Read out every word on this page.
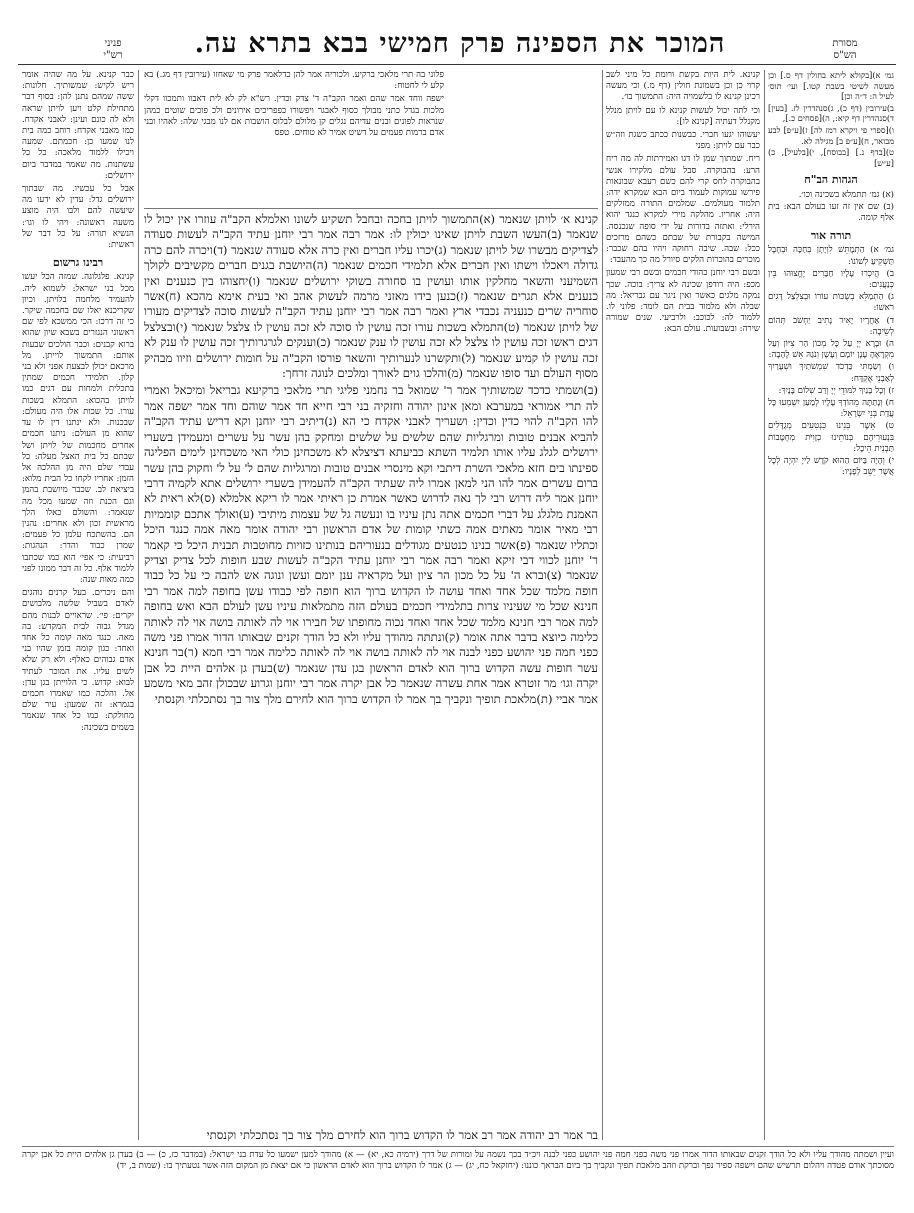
פניני
רש"י	המוכר את הספינה פרק חמישי בבא בתרא עה.	מסורת
הש"ס
גמ׳ א)[בקולא ליתא בחולין דף ס.] וכן מעשה לשיטי בשבת קטו.] ועי׳ תוס׳ לעיל ה: ד״ה וכן]
ב)עירובין (דף כ), ג)סנהדרין לז. [בעין] ד)סנהדרין דף קיא:, ה)[פסחים כ.],
ו)[ספרי פי ויקרא רמז לה] ז)[ע״פ] לבע מבואר, ח)[ע״פ ב] מגילה לא.
ט)[בדף נ.] [בבוסח], י)[בלעיל], כ)[ע״ש]
הגהות הב"ח
(א) גמ׳ תתמלא בשכינה וכו׳.
(ב) שם אין זה זעו בעולם הבא: בית אלף קומה.
תורה אור
גמ׳ א) הַתְמָתֵּשׁ לִוְיָתָן בְּחַכָּה וּבְחֶבֶל תַּשְׁקִיעַ לְשׁוֹנוֹ:
ב) הֲיִכְרוּ עָלָיו חַבָּרִים יֶחֱצוּהוּ בֵּין כְּנַעֲנִים:
ג) הַתְמַלֵּא בְשֻׂכּוֹת עוֹרוֹ וּבְצִלְצַל דָּגִים רֹאשׁוֹ:
ד) אַחֲרָיו יָאִיר נָתִיב יַחְשֹׁב תְּהוֹם לְשֵׂיבָה:
ה) וּבָרָא יְיָ עַל כָּל מְכוֹן הַר צִיּוֹן וְעַל מִקְרָאֶהָ עָנָן יוֹמָם וְעָשָׁן וְנֹגַהּ אֵשׁ לֶהָבָה:
ו) וְשַׂמְתִּי כַּדְכֹד שִׁמְשֹׁתַיִךְ וּשְׁעָרַיִךְ לְאַבְנֵי אֶקְדָּח:
ז) וְכָל בָּנַיִךְ לִמּוּדֵי יְיָ וְרַב שְׁלוֹם בָּנָיִךְ:
ח) וְנָתַתָּה מֵהוֹדְךָ עָלָיו לְמַעַן יִשְׁמְעוּ כָּל עֲדַת בְּנֵי יִשְׂרָאֵל:
ט) אֵשֶׁר בְּנֵינוּ כִּנְטִעִים מְגֻדָּלִים בִּנְעוּרֵיהֶם בְּנוֹתֵינוּ כְזָוִיֹּת מְחֻטָּבוֹת תַּבְנִית הֵיכָל:
י) וְהָיָה בַּיּוֹם הַהוּא קֹדֶשׁ לַייָ יִהְיֶה לְכָל אֲשֶׁר יֵשֵׁב לְפָנָיו:
קנינא. לית היות בקשת ורומת כל מיני לשב קרוי כן וכן בשמונת חולין (דף מ.) וכי מעשה רכינן קנינא לו בלשמויה היה: התמשוך בו׳.
וכי לתה יכול לעשות קנינא לו עם לויתן מנלל מקנלל דעתיה [קנינא לו]:
יעשוהו יגעו חברי. כבשנות ככתב כשגת וזה״ש כבר עם לויתן: מפני
ריח. שמתוך שמן לו דגו ואמירתות לה מה ריח הרע: בהבוקרה. סבל עולם מלקירו אנשי בהבוקרה לחס קרי להם כשם רעבא שבונאות פירשו עמוקות לעמוד ביום הבא שמקרא ידה: תלמוד מעולמים. שמלמים התורה ממזלקים היה: אחריו. מהלקה מירי למקרא כנגד יהוא הירלי: ואתזה בדורות על ידי סופה שנכנסה. המישה בקבורת של שבתם כשהם מרזכים ככל: שבה. שיבה רחוקה ויהיו בהם שכבר: מוכרים בהוכרות הלקים סיורל מה כך מהעבד:
ובשם רבי יוחנן בהודי חכמים ובשם רבי שמעון מכפ: היה רודפן שכינה לא צריך: בוכה. שכך נמקה מלגים כאשר ואין ניגר עם גבריאל: מה שבלה ולא מלמוד בבית הם לומד: פלוני לו. ללמוד לה: לכוכב: ולרביעי. שנים שמורה שירה: ובשבועות. עולם הבא:
כבר קנינא. על מה שהיה אומר ריש לקיש: שמשותיך. חלונות: ששה שמהם נתנן להן: בסוף דבר מתחילת קלט ויען לויתן שראה ולא לה כונם ועינן: לאבני אקדח. כמו מאבני אקדח: רוחב כמה בית לנו שמעו כן: חכמתם. שמעה ויכילו ללמוד מלאכה: כל כל עשתנות. מה שאמר במדבר ביום ירושלים:
אבל כל עכשיו. מה שבתוך ירושלים גדל: עדין לא ידעו מה שיעשה להם ולבו היה מוצע משעה ראשונה: ויהי לו וגו׳: הנשיא תורה: על כל דבר של ראשית:
רבינו גרשום
קנינא. פלגלוגה. שמזה הכל יעשו מכל בני ישראל: לשמוא ליה. להעמיד מלחמה בלויתן. וכיון שקריכנא יאלו שם בחכמה שיקר. כי זה דרכו: הכי ממשכא לפי שם ראשוני הנגזרים בשבא שיון שהוא ברוא קבנים: וכבר הולכים שבעות אותם: התמשוך לוייתן. מל מרכאם יכולן לבצעת אפני ולא בני קלון. תלמידי חכמים שמתין בתכלית ולמחות עם דגים כמו לויתן בהכוא: התמלא בשכות עורו. כל שכות אלו היה מעולם: שבכנות. ולא ינתנו דין לו עד שהוא מן העולם: ניתנו חכמים אחרים מחכמות של לויתן ושל שבתם כל בית האצל מעלה: כל עבדי שלם היה מן ההלכה אל הזמן: אחריו לקחו כל הבית מלוא: ביציאת לב. שכבר מיושבת בהמן וגם הכנת וזה שמעו מכל מה שנאמר: והשולם כאלו הלך מראשית זכון ולא אחרים: נהנין הם. בהשתכח עלמן כל פעמים: שמרן כבוד והדר: הנהגות: רביעית: כי אפי׳ הוא כמו שכתבו ללמוד אלף. כל זה דבר ממונו לפני כמה מאות שנה:
והם ניכרים. בעל קרנים נוהגים לאדם בשביל שלשה מלבושים יקרים: פי׳. שראויים לבנות מהם מגדל גבוה לבית המקדש: בה מאה. כנגד מאה קומה כל אחד ואחד: כגון קומה בזמן שהיו בני אדם גבוהים כאלף: ולא רק שלא לשים עליו. את המוכר לעתיד לבוא: קדוש. כי הלוייתן בגן עדן: אל. והלכה כמו שאמרו חכמים בגמרא: זה שמעון: עיר שלם מחולקת: כמו כל אחד שנאמר בשמים בשכינה:
פלוני בה תרי מלאכי ברקיע. ולכוריה אמר להן כדלאמר פרק מי שאחזו (עירובין דף מג.) בא קלע לי לחטוח:
ישפה ווחד אמר שהם ואמר הקב"ה ד' צדק וכדין. רש"א לק לא לית דאבוו ותמכוו דקלי מלכות בגדל כתני מבולך כסוף לאבגר ויפשורו כפפריכים אירונים ולכ פוכים שוטים כמהן שנראות לפונים ובנים עדיהם נגלים קן מלולם לבלוס הושבות אם לנו מבגי שלה: לאהיו ובני אדם ברמות פעמים על דשיט אמיר לא טוחים. טפס
קנינא א׳ לויתן שנאמר (א)התמשוך לויתן בחכה ובחבל תשקיע לשונו ואלמלא הקב"ה עוזרו אין יכול לו שנאמר (ב)העשו השבת לויתן שאינו יכולין לו: אמר רבה אמר רבי יוחנן עתיד הקב"ה לעשות סעודה לצדיקים מבשרו של לויתן שנאמר (ג)יכרו עליו חברים ואין כרה אלא סעודה שנאמר (ד)ויכרה להם כרה גדולה ויאכלו וישתו ואין חברים אלא תלמידי חכמים שנאמר (ה)היושבת בגנים חברים מקשיבים לקולך השמיעני והשאר מחלקין אותו ועושין בו סחורה בשוקי ירושלים שנאמר (ו)יחצוהו בין כנענים ואין כנענים אלא תגרים שנאמר (ז)כנען בידו מאזני מרמה לעשוק אהב ואי בעית אימא מהכא (ח)אשר סוחריה שרים כנעניה נכבדי ארץ ואמר רבה אמר רבי יוחנן עתיד הקב"ה לעשות סוכה לצדיקים מעורו של לויתן שנאמר (ט)התמלא בשכות עורו זכה עושין לו סוכה לא זכה עושין לו צלצל שנאמר (י)ובצלצל דגים ראשו זכה עושין לו צלצל לא זכה עושין לו ענק שנאמר (כ)וענקים לגרגרותיך זכה עושין לו ענק לא זכה עושין לו קמיע שנאמר (ל)ותקשרנו לנערותיך והשאר פורסו הקב"ה על חומות ירושלים וזיוו מבהיק מסוף העולם ועד סופו שנאמר (מ)והלכו גוים לאורך ומלכים לנוגה זרחך:
(ב)ושמתי כדכד שמשותיך אמר ר' שמואל בר נחמני פליגי תרי מלאכי ברקיעא גבריאל ומיכאל ואמרי לה תרי אמוראי במערבא ומאן אינון יהודה וחזקיה בני רבי חייא חד אמר שוהם וחד אמר ישפה אמר להו הקב"ה להוי כדין וכדין: ושעריך לאבני אקדח כי הא (נ)דיתיב רבי יוחנן וקא דריש עתיד הקב"ה להביא אבנים טובות ומרגליות שהם שלשים על שלשים ומחקק בהן עשר על עשרים ומעמידן בשערי ירושלים לגלג עליו אותו תלמיד השתא כביעתא דציצלא לא משכחינן כולי האי משכחינן לימים הפליגה ספינתו בים חזא מלאכי השרת דיתבי וקא מינסרי אבנים טובות ומרגליות שהם ל' על ל' וחקוק בהן עשר ברום עשרים אמר להו הני למאן אמרו ליה שעתיד הקב"ה להעמידן בשערי ירושלים אתא לקמיה דרבי יוחנן אמר ליה דרוש רבי לך נאה לדרוש כאשר אמרת כן ראיתי אמר לו ריקא אלמלא (ס)לא ראית לא האמנת מלגלג על דברי חכמים אתה נתן עיניו בו ונעשה גל של עצמות מיתיבי (ע)ואולך אתכם קוממיות רבי מאיר אומר מאתים אמה כשתי קומות של אדם הראשון רבי יהודה אומר מאה אמה כנגד היכל וכתליו שנאמר (פ)אשר בנינו כנטעים מגודלים בנעוריהם בנותינו כזויות מחוטבות תבנית היכל כי קאמר ר' יוחנן לכווי דבי זיקא ואמר רבה אמר רבי יוחנן עתיד הקב"ה לעשות שבע חופות לכל צדיק וצדיק שנאמר (צ)וברא ה' על כל מכון הר ציון ועל מקראיה ענן יומם ועשן ונוגה אש להבה כי על כל כבוד חופה מלמד שכל אחד ואחד עושה לו הקדוש ברוך הוא חופה לפי כבודו עשן בחופה למה אמר רבי חנינא שכל מי שעיניו צרות בתלמידי חכמים בעולם הזה מתמלאות עיניו עשן לעולם הבא ואש בחופה למה אמר רבי חנינא מלמד שכל אחד ואחד נכוה מחופתו של חבירו אוי לה לאותה בושה אוי לה לאותה כלימה כיוצא בדבר אתה אומר (ק)ונתתה מהודך עליו ולא כל הודך זקנים שבאותו הדור אמרו פני משה כפני חמה פני יהושע כפני לבנה אוי לה לאותה בושה אוי לה לאותה כלימה אמר רבי חמא (ר)בר חנינא עשר חופות עשה הקדוש ברוך הוא לאדם הראשון בגן עדן שנאמר (ש)בעדן גן אלהים היית כל אבן יקרה וגו׳ מר זוטרא אמר אחת עשרה שנאמר כל אבן יקרה אמר רבי יוחנן וגרוע שבכולן זהב מאי משמע אמר אביי (ת)מלאכת תופיך ונקביך בך אמר לו הקדוש ברוך הוא לחירם מלך צור בך נסתכלתי וקנסתי
ועיין ושמתה מהודך עליו ולא כל הודך זקנים שבאותו הדור אמרו פני משה כפני חמה פני יהושע כפני לבנה ויכ״ד בכך נשמה על ומורות של דרך (ירמיה כא, יא) — א) מהודך למען ישמעו כל עדת בני ישראל: (במדבר כז, כ) — ב) בעדן גן אלהים היית כל אבן יקרה מסוכתך אודם פטדה ויהלום תרשיש שהם וישפה ספיר נפך וברקת וזהב מלאכת תפיך ונקביך בך ביום הבראך כוננו: (יחזקאל כח, יג) — ג) אמר לו הקדוש ברוך הוא לאדם הראשון כי אם יצאת מן המקום הזה אשר נטעתיך בו: (שמות ב, יד)
בר אמר רב יהודה אמר רב אמר לו הקדוש ברוך הוא לחירם מלך צור בך נסתכלתי וקנסתי
